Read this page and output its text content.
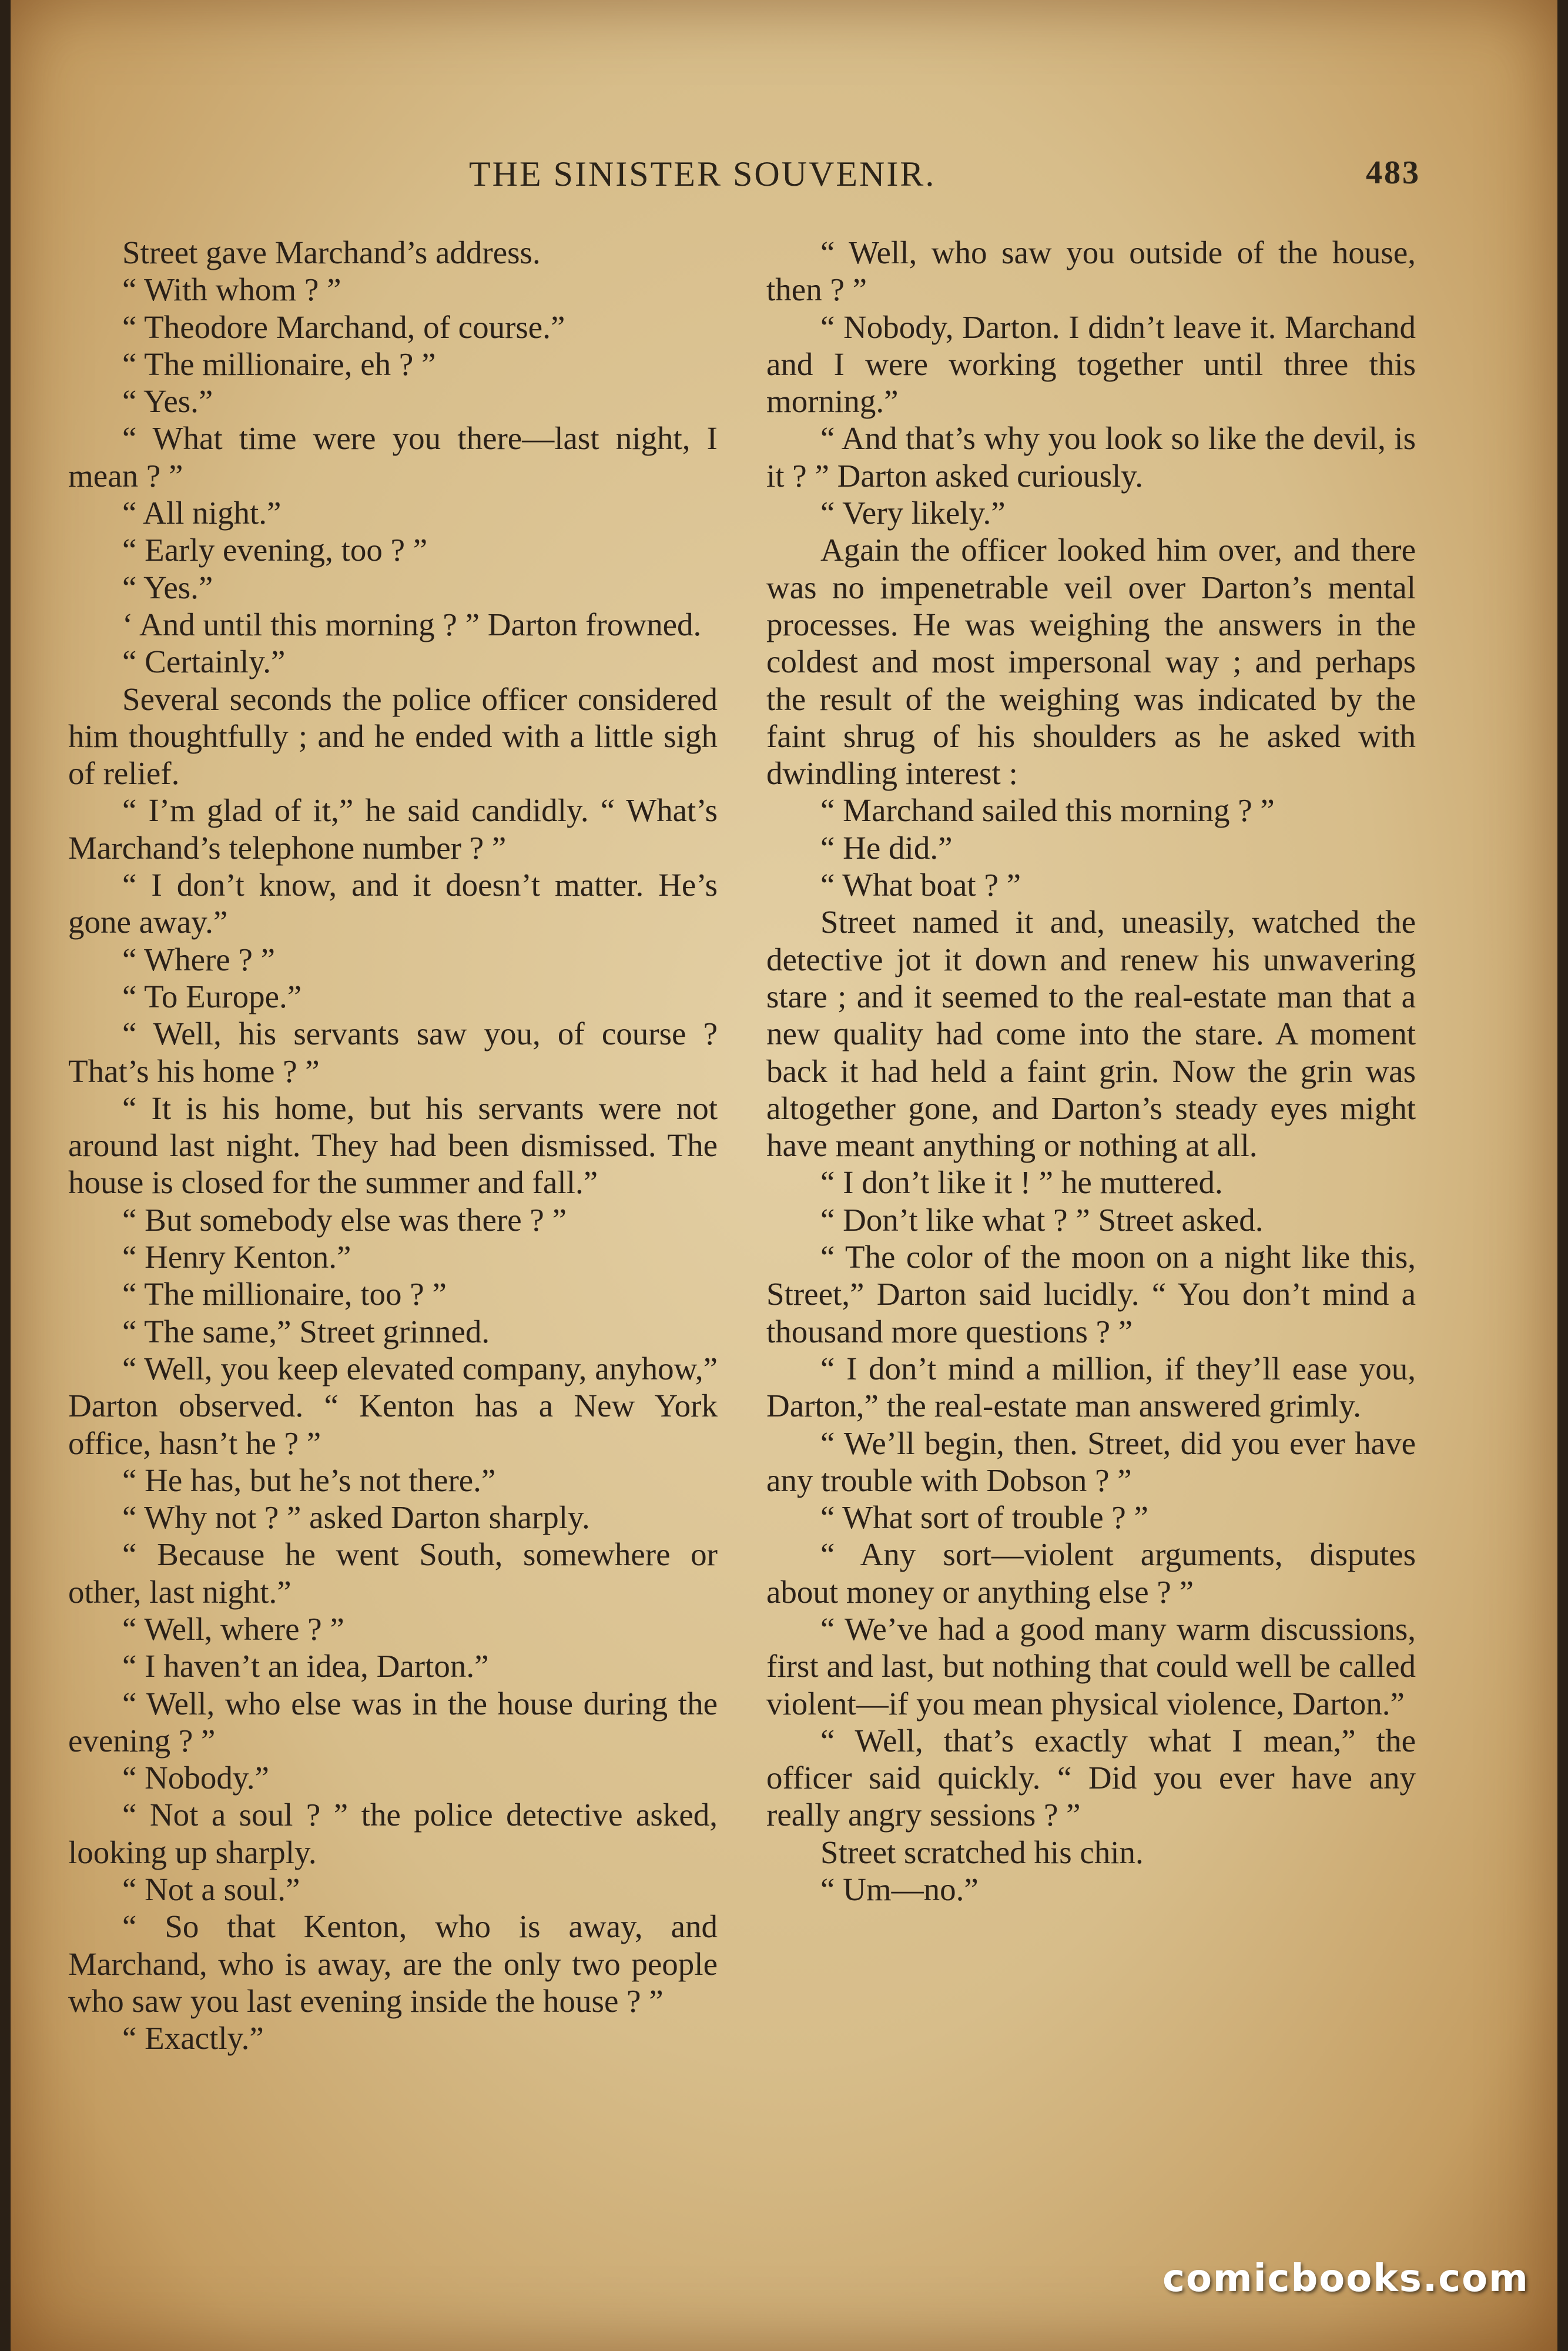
THE SINISTER SOUVENIR.	483

Street gave Marchand’s address.

“ With whom ? ”

“ Theodore Marchand, of course.”

“ The millionaire, eh ? ”

“ Yes.”

“ What time were you there—last night, I mean ? ”

“ All night.”

“ Early evening, too ? ”

“ Yes.”

‘ And until this morning ? ” Darton frowned.

“ Certainly.”

Several seconds the police officer considered him thoughtfully ; and he ended with a little sigh of relief.

“ I’m glad of it,” he said candidly. “ What’s Marchand’s telephone number ? ”

“ I don’t know, and it doesn’t matter. He’s gone away.”

“ Where ? ”

“ To Europe.”

“ Well, his servants saw you, of course ? That’s his home ? ”

“ It is his home, but his servants were not around last night. They had been dismissed. The house is closed for the summer and fall.”

“ But somebody else was there ? ”

“ Henry Kenton.”

“ The millionaire, too ? ”

“ The same,” Street grinned.

“ Well, you keep elevated company, anyhow,” Darton observed. “ Kenton has a New York office, hasn’t he ? ”

“ He has, but he’s not there.”

“ Why not ? ” asked Darton sharply.

“ Because he went South, somewhere or other, last night.”

“ Well, where ? ”

“ I haven’t an idea, Darton.”

“ Well, who else was in the house during the evening ? ”

“ Nobody.”

“ Not a soul ? ” the police detective asked, looking up sharply.

“ Not a soul.”

“ So that Kenton, who is away, and Marchand, who is away, are the only two people who saw you last evening inside the house ? ”

“ Exactly.”

“ Well, who saw you outside of the house, then ? ”

“ Nobody, Darton. I didn’t leave it. Marchand and I were working together until three this morning.”

“ And that’s why you look so like the devil, is it ? ” Darton asked curiously.

“ Very likely.”

Again the officer looked him over, and there was no impenetrable veil over Darton’s mental processes. He was weighing the answers in the coldest and most impersonal way ; and perhaps the result of the weighing was indicated by the faint shrug of his shoulders as he asked with dwindling interest :

“ Marchand sailed this morning ? ”

“ He did.”

“ What boat ? ”

Street named it and, uneasily, watched the detective jot it down and renew his unwavering stare ; and it seemed to the real-estate man that a new quality had come into the stare. A moment back it had held a faint grin. Now the grin was altogether gone, and Darton’s steady eyes might have meant anything or nothing at all.

“ I don’t like it ! ” he muttered.

“ Don’t like what ? ” Street asked.

“ The color of the moon on a night like this, Street,” Darton said lucidly. “ You don’t mind a thousand more questions ? ”

“ I don’t mind a million, if they’ll ease you, Darton,” the real-estate man answered grimly.

“ We’ll begin, then. Street, did you ever have any trouble with Dobson ? ”

“ What sort of trouble ? ”

“ Any sort—violent arguments, disputes about money or anything else ? ”

“ We’ve had a good many warm discussions, first and last, but nothing that could well be called violent—if you mean physical violence, Darton.”

“ Well, that’s exactly what I mean,” the officer said quickly. “ Did you ever have any really angry sessions ? ”

Street scratched his chin.

“ Um—no.”

comicbooks.com
